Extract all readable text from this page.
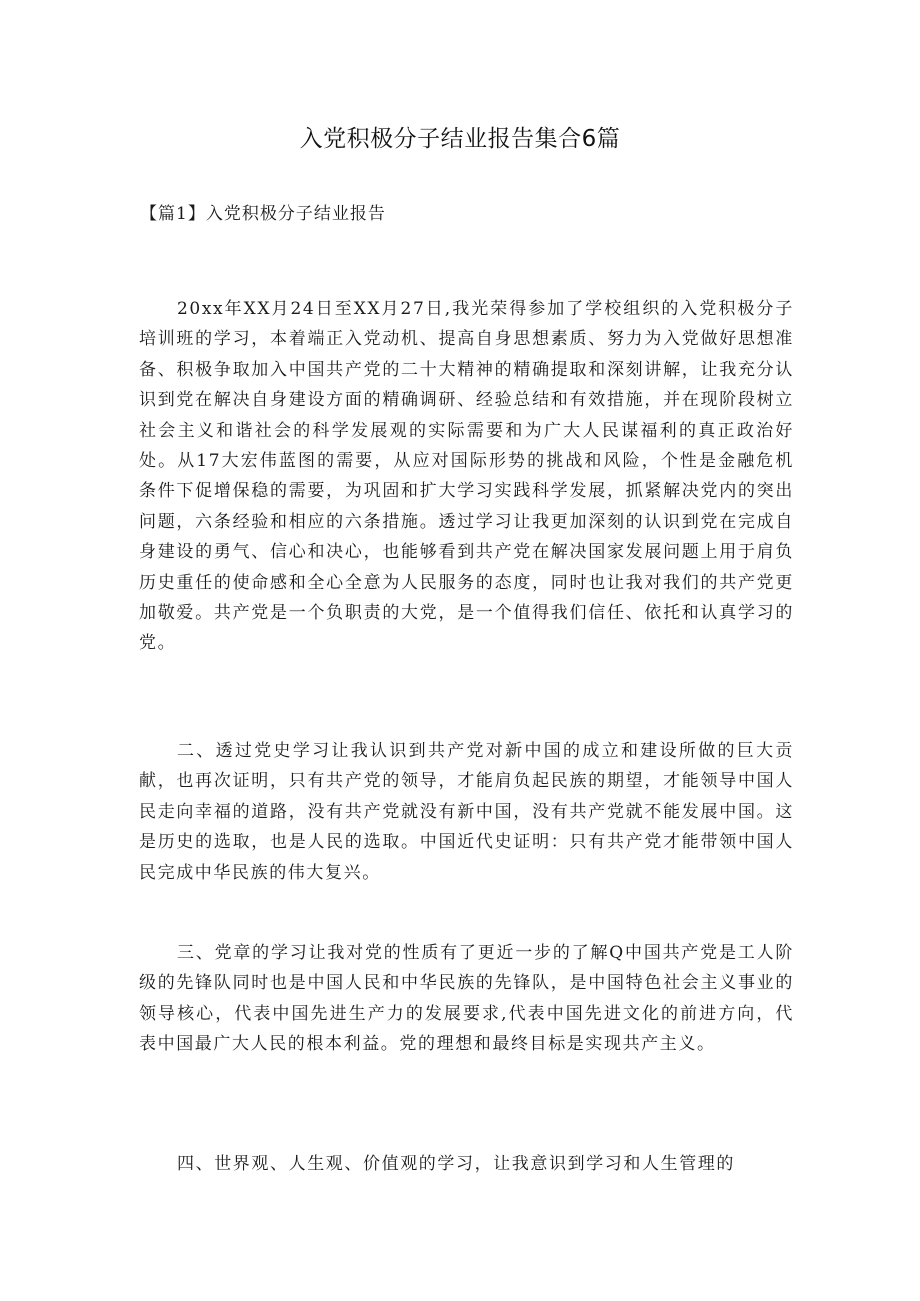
入党积极分子结业报告集合6篇
【篇1】入党积极分子结业报告

20xx年XX月24日至XX月27日,我光荣得参加了学校组织的入党积极分子培训班的学习，本着端正入党动机、提高自身思想素质、努力为入党做好思想准备、积极争取加入中国共产党的二十大精神的精确提取和深刻讲解，让我充分认识到党在解决自身建设方面的精确调研、经验总结和有效措施，并在现阶段树立社会主义和谐社会的科学发展观的实际需要和为广大人民谋福利的真正政治好处。从17大宏伟蓝图的需要，从应对国际形势的挑战和风险，个性是金融危机条件下促增保稳的需要，为巩固和扩大学习实践科学发展，抓紧解决党内的突出问题，六条经验和相应的六条措施。透过学习让我更加深刻的认识到党在完成自身建设的勇气、信心和决心，也能够看到共产党在解决国家发展问题上用于肩负历史重任的使命感和全心全意为人民服务的态度，同时也让我对我们的共产党更加敬爱。共产党是一个负职责的大党，是一个值得我们信任、依托和认真学习的党。

二、透过党史学习让我认识到共产党对新中国的成立和建设所做的巨大贡献，也再次证明，只有共产党的领导，才能肩负起民族的期望，才能领导中国人民走向幸福的道路，没有共产党就没有新中国，没有共产党就不能发展中国。这是历史的选取，也是人民的选取。中国近代史证明：只有共产党才能带领中国人民完成中华民族的伟大复兴。

三、党章的学习让我对党的性质有了更近一步的了解Q中国共产党是工人阶级的先锋队同时也是中国人民和中华民族的先锋队，是中国特色社会主义事业的领导核心，代表中国先进生产力的发展要求,代表中国先进文化的前进方向，代表中国最广大人民的根本利益。党的理想和最终目标是实现共产主义。

四、世界观、人生观、价值观的学习，让我意识到学习和人生管理的
